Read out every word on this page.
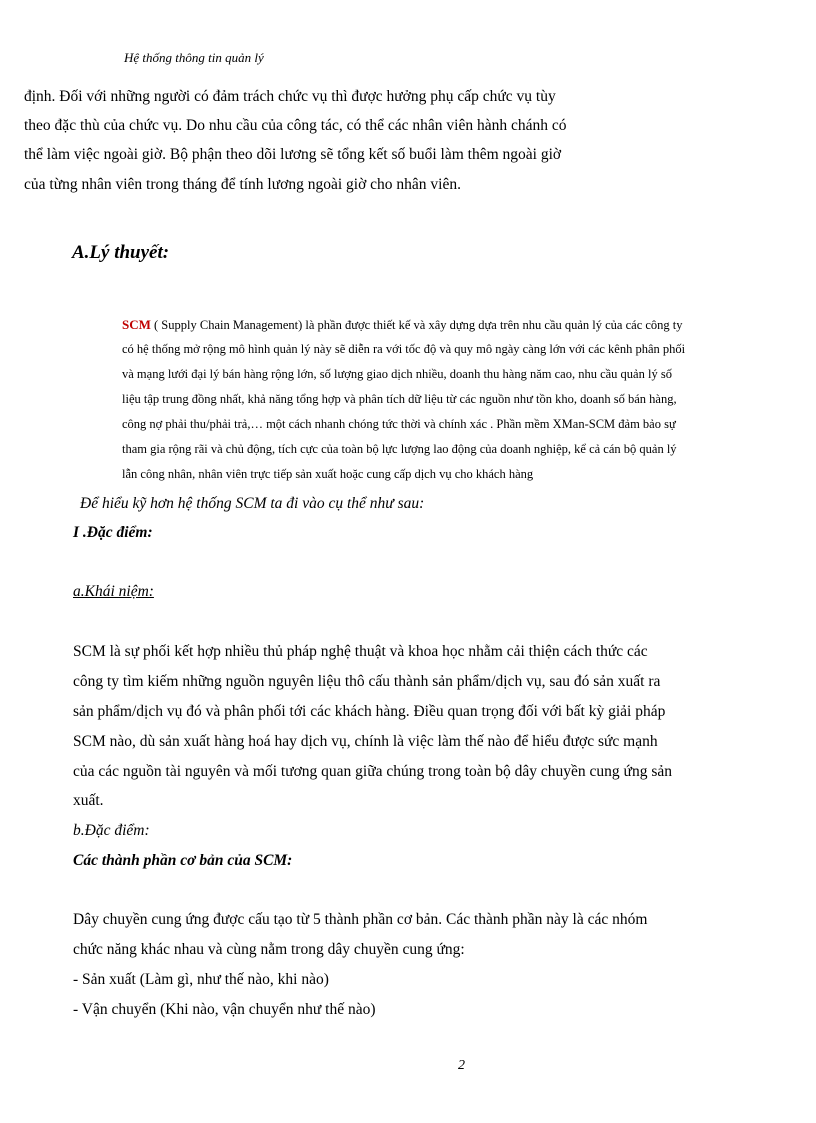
Hệ thống thông tin quản lý
định. Đối với những người có đảm trách chức vụ thì được hưởng phụ cấp chức vụ tùy
theo đặc thù của chức vụ. Do nhu cầu của công tác, có thể các nhân viên hành chánh có
thể làm việc ngoài giờ. Bộ phận theo dõi lương sẽ tổng kết số buổi làm thêm ngoài giờ
của từng nhân viên trong tháng để tính lương ngoài giờ cho nhân viên.
A.Lý thuyết:
SCM ( Supply Chain Management) là phần được thiết kế và xây dựng dựa trên nhu cầu quản lý của các công ty
có hệ thống mở rộng mô hình quản lý này sẽ diễn ra với tốc độ và quy mô ngày càng lớn với các kênh phân phối
và mạng lưới đại lý bán hàng rộng lớn, số lượng giao dịch nhiều, doanh thu hàng năm cao, nhu cầu quản lý số
liệu tập trung đồng nhất, khả năng tổng hợp và phân tích dữ liệu từ các nguồn như tồn kho, doanh số bán hàng,
công nợ phải thu/phải trả,… một cách nhanh chóng tức thời và chính xác . Phần mềm XMan-SCM đảm bảo sự
tham gia rộng rãi và chủ động, tích cực của toàn bộ lực lượng lao động của doanh nghiệp, kể cả cán bộ quản lý
lẫn công nhân, nhân viên trực tiếp sản xuất hoặc cung cấp dịch vụ cho khách hàng
Để hiểu kỹ hơn hệ thống SCM ta đi vào cụ thể như sau:
I .Đặc điểm:
a.Khái niệm:
SCM là sự phối kết hợp nhiều thủ pháp nghệ thuật và khoa học nhằm cải thiện cách thức các
công ty tìm kiếm những nguồn nguyên liệu thô cấu thành sản phẩm/dịch vụ, sau đó sản xuất ra
sản phẩm/dịch vụ đó và phân phối tới các khách hàng. Điều quan trọng đối với bất kỳ giải pháp
SCM nào, dù sản xuất hàng hoá hay dịch vụ, chính là việc làm thế nào để hiểu được sức mạnh
của các nguồn tài nguyên và mối tương quan giữa chúng trong toàn bộ dây chuyền cung ứng sản
xuất.
b.Đặc điểm:
Các thành phần cơ bản của SCM:
Dây chuyền cung ứng được cấu tạo từ 5 thành phần cơ bản. Các thành phần này là các nhóm
chức năng khác nhau và cùng nằm trong dây chuyền cung ứng:
- Sản xuất (Làm gì, như thế nào, khi nào)
- Vận chuyển (Khi nào, vận chuyển như thế nào)
2
